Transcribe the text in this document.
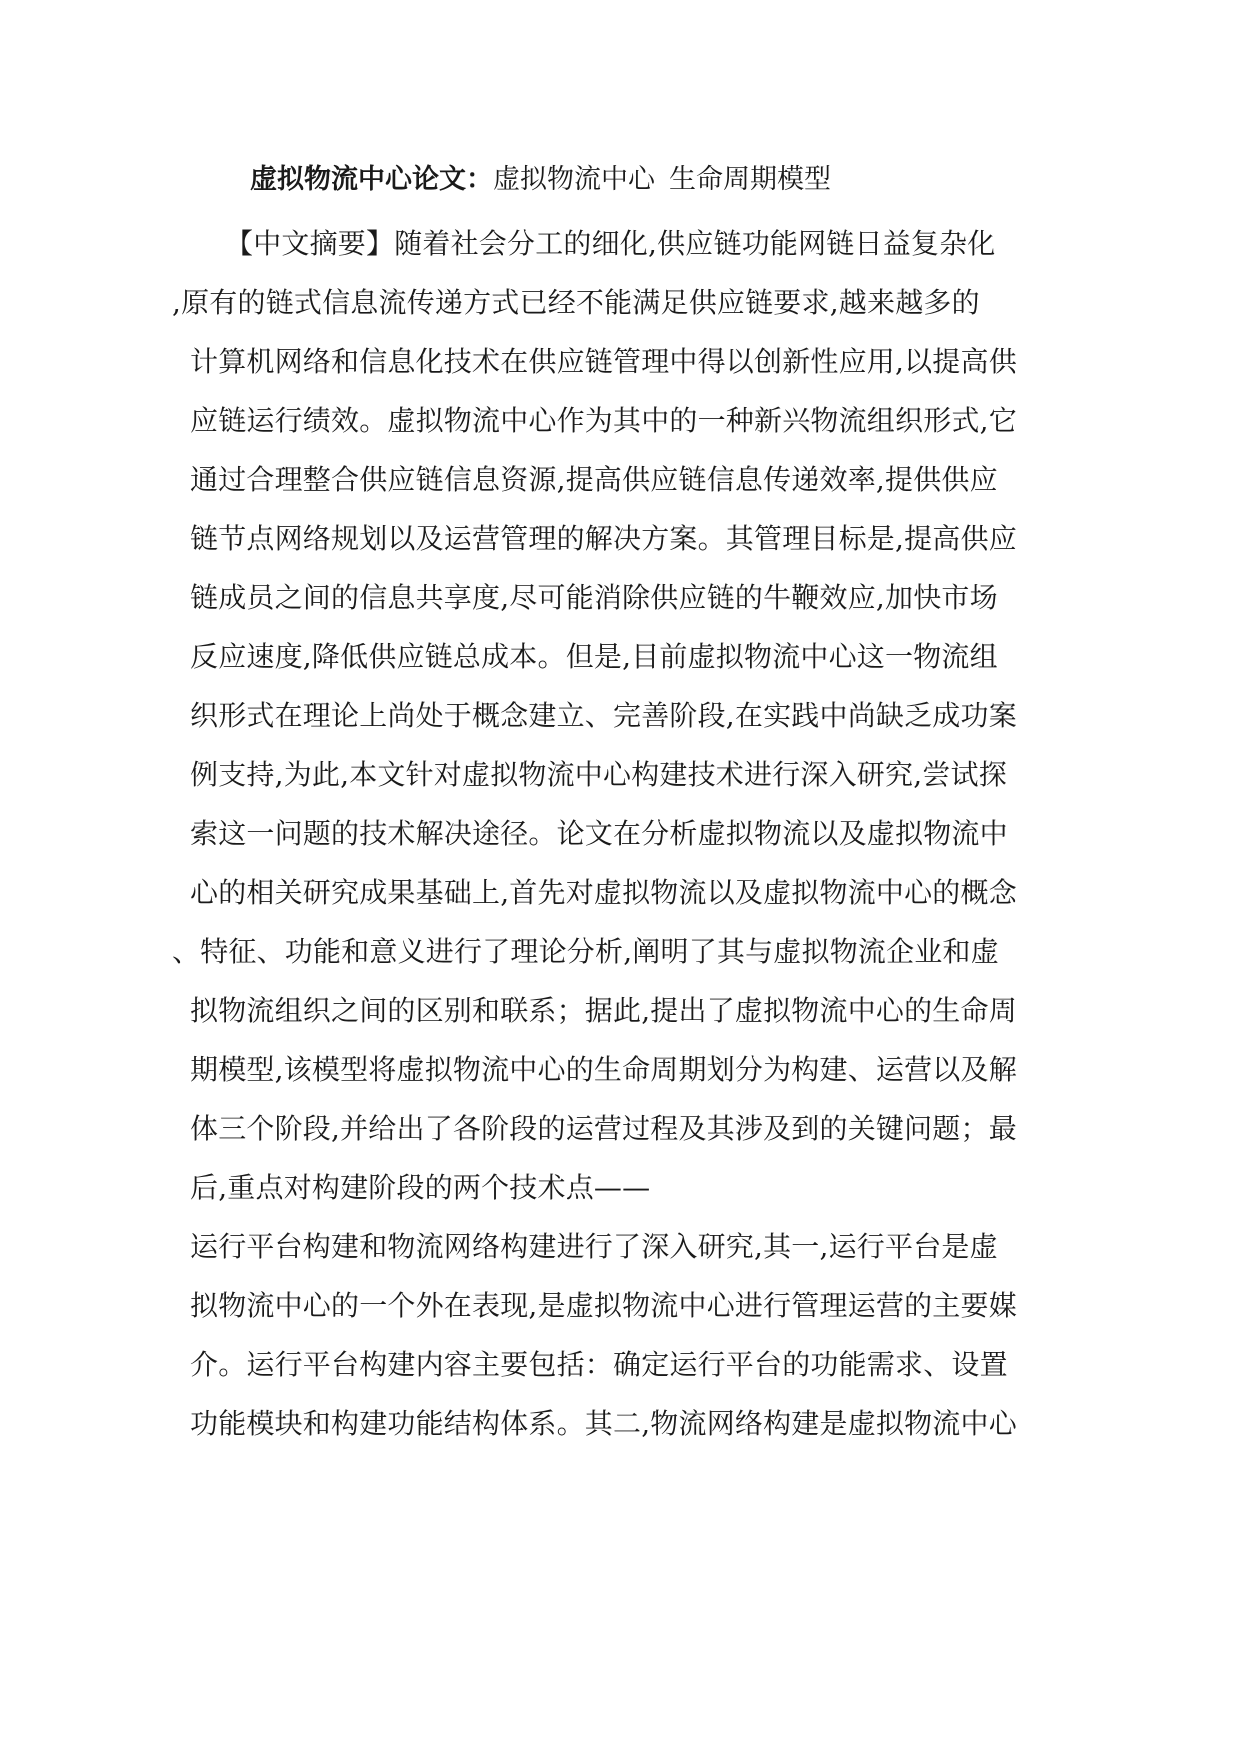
虚拟物流中心论文：虚拟物流中心 生命周期模型
【中文摘要】随着社会分工的细化,供应链功能网链日益复杂化
,原有的链式信息流传递方式已经不能满足供应链要求,越来越多的
计算机网络和信息化技术在供应链管理中得以创新性应用,以提高供
应链运行绩效。虚拟物流中心作为其中的一种新兴物流组织形式,它
通过合理整合供应链信息资源,提高供应链信息传递效率,提供供应
链节点网络规划以及运营管理的解决方案。其管理目标是,提高供应
链成员之间的信息共享度,尽可能消除供应链的牛鞭效应,加快市场
反应速度,降低供应链总成本。但是,目前虚拟物流中心这一物流组
织形式在理论上尚处于概念建立、完善阶段,在实践中尚缺乏成功案
例支持,为此,本文针对虚拟物流中心构建技术进行深入研究,尝试探
索这一问题的技术解决途径。论文在分析虚拟物流以及虚拟物流中
心的相关研究成果基础上,首先对虚拟物流以及虚拟物流中心的概念
、特征、功能和意义进行了理论分析,阐明了其与虚拟物流企业和虚
拟物流组织之间的区别和联系；据此,提出了虚拟物流中心的生命周
期模型,该模型将虚拟物流中心的生命周期划分为构建、运营以及解
体三个阶段,并给出了各阶段的运营过程及其涉及到的关键问题；最
后,重点对构建阶段的两个技术点——
运行平台构建和物流网络构建进行了深入研究,其一,运行平台是虚
拟物流中心的一个外在表现,是虚拟物流中心进行管理运营的主要媒
介。运行平台构建内容主要包括：确定运行平台的功能需求、设置
功能模块和构建功能结构体系。其二,物流网络构建是虚拟物流中心
